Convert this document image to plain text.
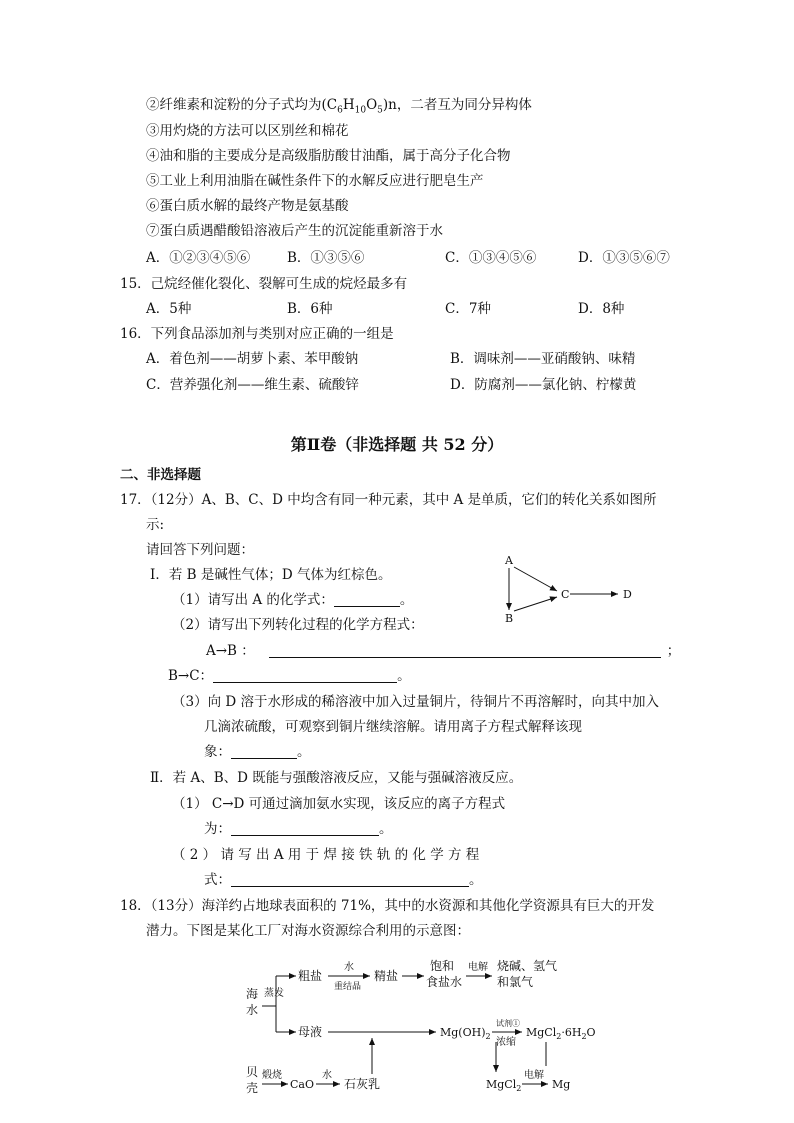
②纤维素和淀粉的分子式均为$(C_6H_{10}O_5)n$，二者互为同分异构体
③用灼烧的方法可以区别丝和棉花
④油和脂的主要成分是高级脂肪酸甘油酯，属于高分子化合物
⑤工业上利用油脂在碱性条件下的水解反应进行肥皂生产
⑥蛋白质水解的最终产物是氨基酸
⑦蛋白质遇醋酸铅溶液后产生的沉淀能重新溶于水
A．①②③④⑤⑥	B．①③⑤⑥	C．①③④⑤⑥	D．①③⑤⑥⑦
15．己烷经催化裂化、裂解可生成的烷烃最多有
A．5种	B．6种	C．7种	D．8种
16．下列食品添加剂与类别对应正确的一组是
A．着色剂——胡萝卜素、苯甲酸钠	B．调味剂——亚硝酸钠、味精
C．营养强化剂——维生素、硫酸锌	D．防腐剂——氯化钠、柠檬黄
第Ⅱ卷（非选择题 共 52 分）
二、非选择题
17．（12分）A、B、C、D 中均含有同一种元素，其中 A 是单质，它们的转化关系如图所
示:
请回答下列问题：
Ⅰ．若 B 是碱性气体；D 气体为红棕色。
（1）请写出 A 的化学式：	。
（2）请写出下列转化过程的化学方程式：
A→B ：	；
B→C：	。
（3）向 D 溶于水形成的稀溶液中加入过量铜片，待铜片不再溶解时，向其中加入
几滴浓硫酸，可观察到铜片继续溶解。请用离子方程式解释该现
象：	。
Ⅱ．若 A、B、D 既能与强酸溶液反应，又能与强碱溶液反应。
（1） C→D 可通过滴加氨水实现，该反应的离子方程式
为：	。
（ 2 ） 请 写 出 A 用 于 焊 接 铁 轨 的 化 学 方 程
式：	。
A
B
C	D
18．（13分）海洋约占地球表面积的 71%，其中的水资源和其他化学资源具有巨大的开发
潜力。下图是某化工厂对海水资源综合利用的示意图：
海
水
蒸发
粗盐
水
重结晶
精盐
饱和
食盐水
电解 烧碱、氢气
和氯气
母液	$Mg(OH)_2$
试剂①
浓缩
$MgCl_2\cdot 6H_2O$
贝
壳
煅烧
CaO
水
石灰乳	MgCl$_2$
电解
Mg
